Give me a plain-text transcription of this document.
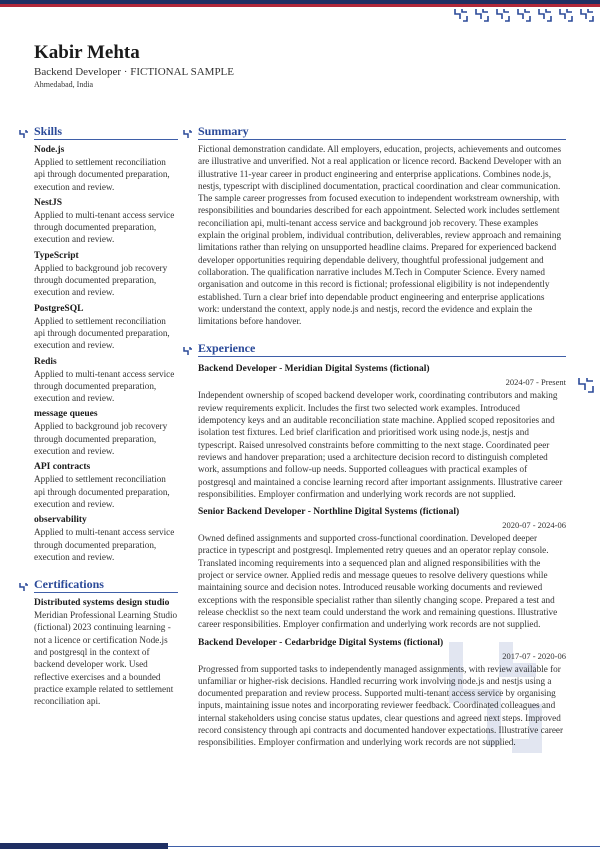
Kabir Mehta
Backend Developer · FICTIONAL SAMPLE
Ahmedabad, India
Skills
Node.js
Applied to settlement reconciliation api through documented preparation, execution and review.
NestJS
Applied to multi-tenant access service through documented preparation, execution and review.
TypeScript
Applied to background job recovery through documented preparation, execution and review.
PostgreSQL
Applied to settlement reconciliation api through documented preparation, execution and review.
Redis
Applied to multi-tenant access service through documented preparation, execution and review.
message queues
Applied to background job recovery through documented preparation, execution and review.
API contracts
Applied to settlement reconciliation api through documented preparation, execution and review.
observability
Applied to multi-tenant access service through documented preparation, execution and review.
Certifications
Distributed systems design studio
Meridian Professional Learning Studio (fictional) 2023 continuing learning - not a licence or certification Node.js and postgresql in the context of backend developer work. Used reflective exercises and a bounded practice example related to settlement reconciliation api.
Summary
Fictional demonstration candidate. All employers, education, projects, achievements and outcomes are illustrative and unverified. Not a real application or licence record. Backend Developer with an illustrative 11-year career in product engineering and enterprise applications. Combines node.js, nestjs, typescript with disciplined documentation, practical coordination and clear communication. The sample career progresses from focused execution to independent workstream ownership, with responsibilities and boundaries described for each appointment. Selected work includes settlement reconciliation api, multi-tenant access service and background job recovery. These examples explain the original problem, individual contribution, deliverables, review approach and remaining limitations rather than relying on unsupported headline claims. Prepared for experienced backend developer opportunities requiring dependable delivery, thoughtful professional judgement and collaboration. The qualification narrative includes M.Tech in Computer Science. Every named organisation and outcome in this record is fictional; professional eligibility is not independently established. Turn a clear brief into dependable product engineering and enterprise applications work: understand the context, apply node.js and nestjs, record the evidence and explain the limitations before handover.
Experience
Backend Developer - Meridian Digital Systems (fictional)
2024-07 - Present
Independent ownership of scoped backend developer work, coordinating contributors and making review requirements explicit. Includes the first two selected work examples. Introduced idempotency keys and an auditable reconciliation state machine. Applied scoped repositories and isolation test fixtures. Led brief clarification and prioritised work using node.js, nestjs and typescript. Raised unresolved constraints before committing to the next stage. Coordinated peer reviews and handover preparation; used a architecture decision record to distinguish completed work, assumptions and follow-up needs. Supported colleagues with practical examples of postgresql and maintained a concise learning record after important assignments. Illustrative career responsibilities. Employer confirmation and underlying work records are not supplied.
Senior Backend Developer - Northline Digital Systems (fictional)
2020-07 - 2024-06
Owned defined assignments and supported cross-functional coordination. Developed deeper practice in typescript and postgresql. Implemented retry queues and an operator replay console. Translated incoming requirements into a sequenced plan and aligned responsibilities with the project or service owner. Applied redis and message queues to resolve delivery questions while maintaining source and decision notes. Introduced reusable working documents and reviewed exceptions with the responsible specialist rather than silently changing scope. Prepared a test and release checklist so the next team could understand the work and remaining questions. Illustrative career responsibilities. Employer confirmation and underlying work records are not supplied.
Backend Developer - Cedarbridge Digital Systems (fictional)
2017-07 - 2020-06
Progressed from supported tasks to independently managed assignments, with review available for unfamiliar or higher-risk decisions. Handled recurring work involving node.js and nestjs using a documented preparation and review process. Supported multi-tenant access service by organising inputs, maintaining issue notes and incorporating reviewer feedback. Coordinated colleagues and internal stakeholders using concise status updates, clear questions and agreed next steps. Improved record consistency through api contracts and documented handover expectations. Illustrative career responsibilities. Employer confirmation and underlying work records are not supplied.
